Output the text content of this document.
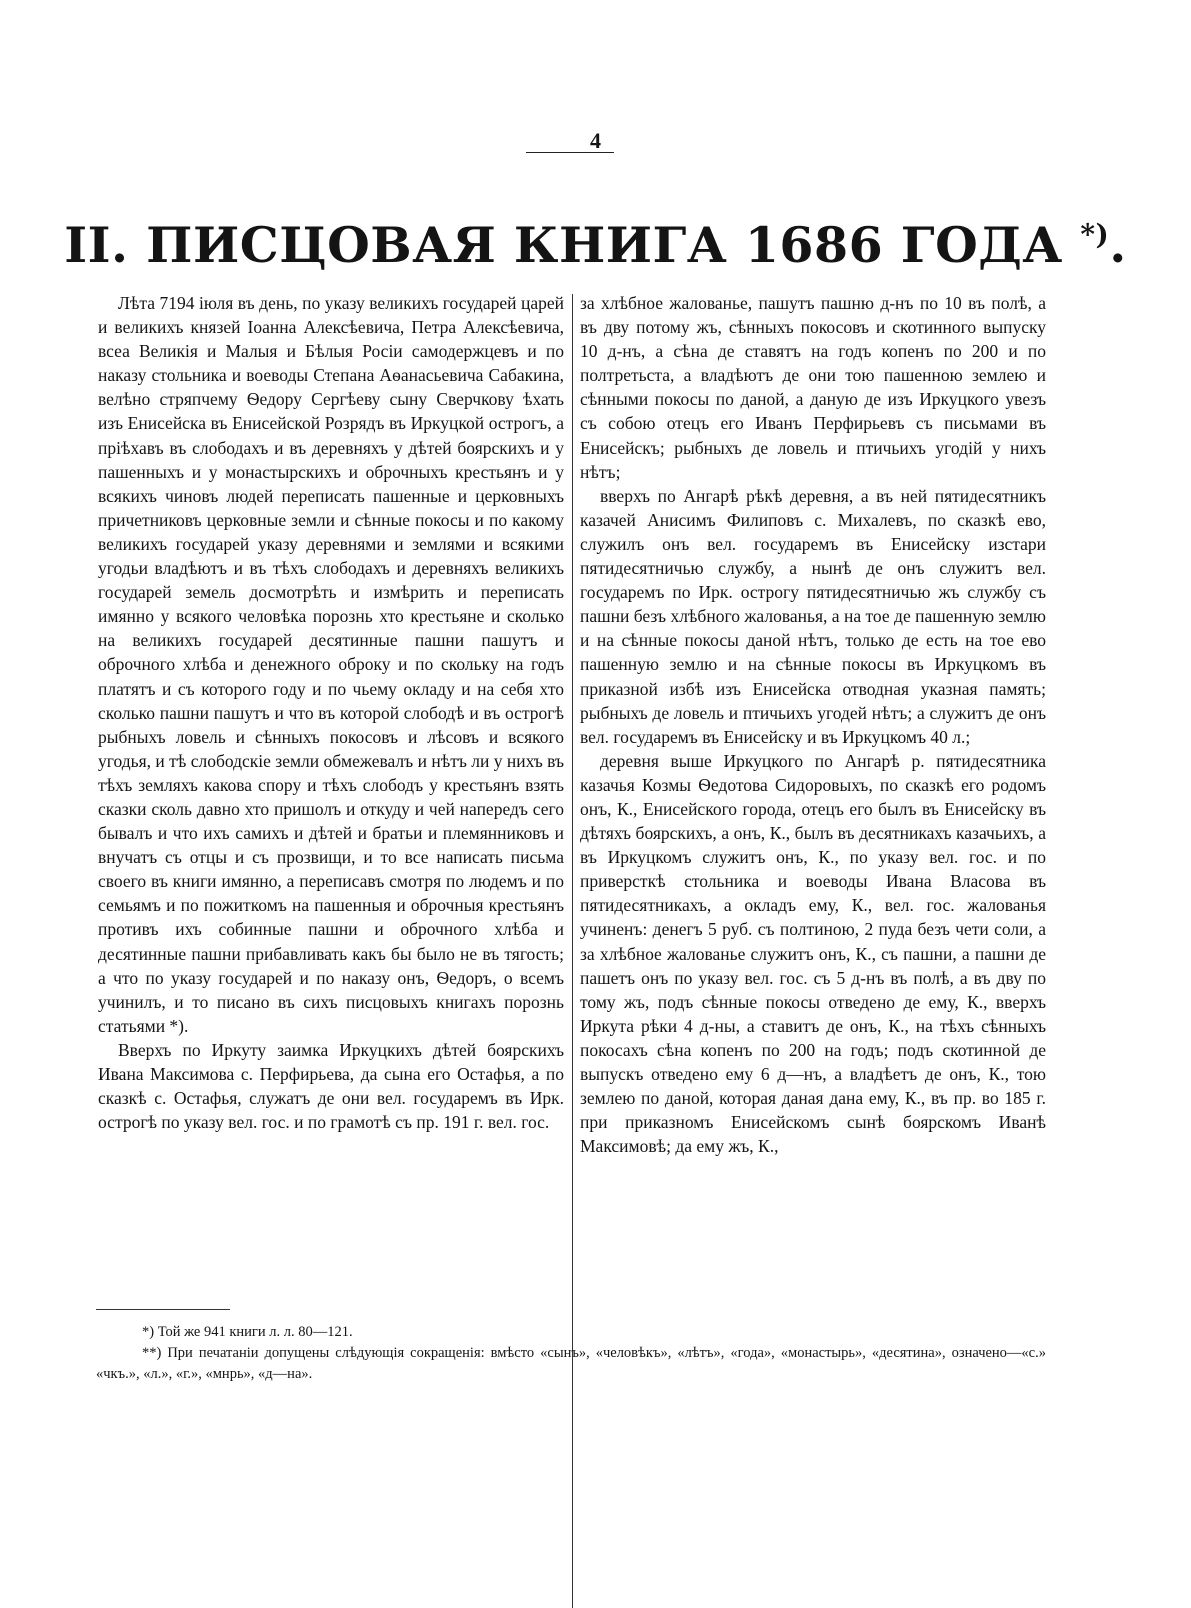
4
II. ПИСЦОВАЯ КНИГА 1686 ГОДА *).

Лѣта 7194 іюля въ день, по указу великихъ государей царей и великихъ князей Іоанна Алексѣевича, Петра Алексѣевича, всеа Великія и Малыя и Бѣлыя Росіи самодержцевъ и по наказу стольника и воеводы Степана Аѳанасьевича Сабакина, велѣно стряпчему Ѳедору Сергѣеву сыну Сверчкову ѣхать изъ Енисейска въ Енисейской Розрядъ въ Иркуцкой острогъ, а пріѣхавъ въ слободахъ и въ деревняхъ у дѣтей боярскихъ и у пашенныхъ и у монастырскихъ и оброчныхъ крестьянъ и у всякихъ чиновъ людей переписать пашенные и церковныхъ причетниковъ церковные земли и сѣнные покосы и по какому великихъ государей указу деревнями и землями и всякими угодьи владѣютъ и въ тѣхъ слободахъ и деревняхъ великихъ государей земель досмотрѣть и измѣрить и переписать имянно у всякого человѣка порознь хто крестьяне и сколько на великихъ государей десятинные пашни пашутъ и оброчного хлѣба и денежного оброку и по скольку на годъ платятъ и съ которого году и по чьему окладу и на себя хто сколько пашни пашутъ и что въ которой слободѣ и въ острогѣ рыбныхъ ловель и сѣнныхъ покосовъ и лѣсовъ и всякого угодья, и тѣ слободскіе земли обмежевалъ и нѣтъ ли у нихъ въ тѣхъ земляхъ какова спору и тѣхъ слободъ у крестьянъ взять сказки сколь давно хто пришолъ и откуду и чей напередъ сего бывалъ и что ихъ самихъ и дѣтей и братьи и племянниковъ и внучатъ съ отцы и съ прозвищи, и то все написать письма своего въ книги имянно, а переписавъ смотря по людемъ и по семьямъ и по пожиткомъ на пашенныя и оброчныя крестьянъ противъ ихъ собинные пашни и оброчного хлѣба и десятинные пашни прибавливать какъ бы было не въ тягость; а что по указу государей и по наказу онъ, Ѳедоръ, о всемъ учинилъ, и то писано въ сихъ писцовыхъ книгахъ порознь статьями *).

Вверхъ по Иркуту заимка Иркуцкихъ дѣтей боярскихъ Ивана Максимова с. Перфирьева, да сына его Остафья, а по сказкѣ с. Остафья, служатъ де они вел. государемъ въ Ирк. острогѣ по указу вел. гос. и по грамотѣ съ пр. 191 г. вел. гос.

за хлѣбное жалованье, пашутъ пашню д-нъ по 10 въ полѣ, а въ дву потому жъ, сѣнныхъ покосовъ и скотинного выпуску 10 д-нъ, а сѣна де ставятъ на годъ копенъ по 200 и по полтретьста, а владѣютъ де они тою пашенною землею и сѣнными покосы по даной, а даную де изъ Иркуцкого увезъ съ собою отецъ его Иванъ Перфирьевъ съ письмами въ Енисейскъ; рыбныхъ де ловель и птичьихъ угодій у нихъ нѣтъ;

вверхъ по Ангарѣ рѣкѣ деревня, а въ ней пятидесятникъ казачей Анисимъ Филиповъ с. Михалевъ, по сказкѣ ево, служилъ онъ вел. государемъ въ Енисейску изстари пятидесятничью службу, а нынѣ де онъ служитъ вел. государемъ по Ирк. острогу пятидесятничью жъ службу съ пашни безъ хлѣбного жалованья, а на тое де пашенную землю и на сѣнные покосы даной нѣтъ, только де есть на тое ево пашенную землю и на сѣнные покосы въ Иркуцкомъ въ приказной избѣ изъ Енисейска отводная указная память; рыбныхъ де ловель и птичьихъ угодей нѣтъ; а служитъ де онъ вел. государемъ въ Енисейску и въ Иркуцкомъ 40 л.;

деревня выше Иркуцкого по Ангарѣ р. пятидесятника казачья Козмы Ѳедотова Сидоровыхъ, по сказкѣ его родомъ онъ, К., Енисейского города, отецъ его былъ въ Енисейску въ дѣтяхъ боярскихъ, а онъ, К., былъ въ десятникахъ казачьихъ, а въ Иркуцкомъ служитъ онъ, К., по указу вел. гос. и по приверсткѣ стольника и воеводы Ивана Власова въ пятидесятникахъ, а окладъ ему, К., вел. гос. жалованья учиненъ: денегъ 5 руб. съ полтиною, 2 пуда безъ чети соли, а за хлѣбное жалованье служитъ онъ, К., съ пашни, а пашни де пашетъ онъ по указу вел. гос. съ 5 д-нъ въ полѣ, а въ дву по тому жъ, подъ сѣнные покосы отведено де ему, К., вверхъ Иркута рѣки 4 д-ны, а ставитъ де онъ, К., на тѣхъ сѣнныхъ покосахъ сѣна копенъ по 200 на годъ; подъ скотинной де выпускъ отведено ему 6 д—нъ, а владѣетъ де онъ, К., тою землею по даной, которая даная дана ему, К., въ пр. во 185 г. при приказномъ Енисейскомъ сынѣ боярскомъ Иванѣ Максимовѣ; да ему жъ, К.,

*) Той же 941 книги л. л. 80—121.

**) При печатаніи допущены слѣдующія сокращенія: вмѣсто «сынъ», «человѣкъ», «лѣтъ», «года», «монастырь», «десятина», означено—«с.» «чкъ.», «л.», «г.», «мнрь», «д—на».
